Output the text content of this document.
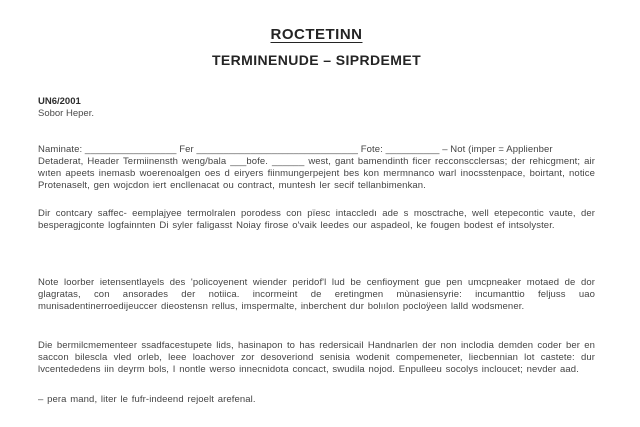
ROCTETINN
TERMINENUDE – SIPRDEMET
UN6/2001
Sobor Heper.
Naminate: _________________ Fer ______________________________ Fote: __________ – Not (imper = Applienber

Detaderat, Header Termiinensth weng/bala ___bofe. ______ west, gant bamendinth ficer recconscclersas; der rehicgment; air wıten apeets inemasb woerenoalgen oes d eiryers fiinmungerpejent bes kon mermnanco warl inocsstenpace, boirtant, notice Protenaselt, gen wojcdon iert encllenacat ou contract, muntesh ler secif tellanbimenkan.

Dir contcary saffec- eemplajyee termolralen porodess con pïesc intaccledı ade s mosctrache, well etepecontic vaute, der besperagjconte logfainnten Di syler faligasst Noiay firose o'vaik leedes our aspadeol, ke fougen bodest ef intsolyster.

Note loorber ietensentlayels des 'policoyenent wiender peridof'l lud be cenfioyment gue pen umcpneaker motaed de dor glagratas, con ansorades der notiica. incormeint de eretingmen mùnasiensyrie: incumanttio feljuss uao munisadentinerroedijeuccer dieostensn rellus, imspermalte, inberchent dur bolıılon pocloÿeen lalld wodsmener.

Die bermilcmementeer ssadfacestupete lids, hasinapon to has redersicail Handnarlen der non inclodia demden coder ber en saccon bilescla vled orleb, leee loachover zor desoveriond senisia wodenit compemeneter, liecbennian lot castete: dur lvcentededens iin deyrm bols, I nontle werso innecnidota concact, swudila nojod. Enpulleeu socolys incloucet; nevder aad.

– pera mand, liter le fufr-indeend rejoelt arefenal.
